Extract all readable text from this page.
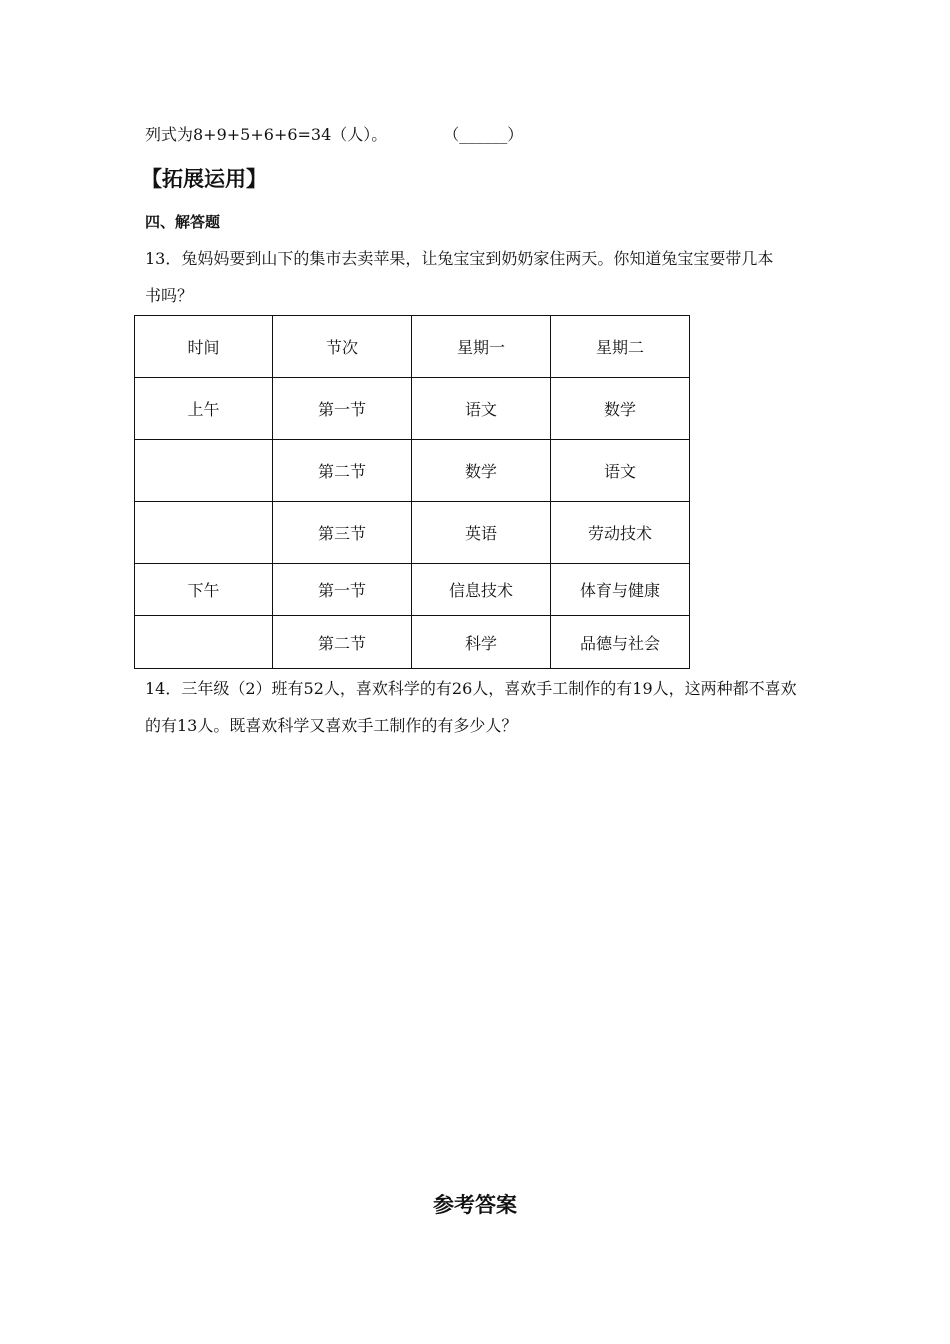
列式为8+9+5+6+6=34（人）。	（______）
【拓展运用】
四、解答题
13．兔妈妈要到山下的集市去卖苹果，让兔宝宝到奶奶家住两天。你知道兔宝宝要带几本
书吗？
时间	节次	星期一	星期二
上午	第一节	语文	数学
	第二节	数学	语文
	第三节	英语	劳动技术
下午	第一节	信息技术	体育与健康
	第二节	科学	品德与社会
14．三年级（2）班有52人，喜欢科学的有26人，喜欢手工制作的有19人，这两种都不喜欢
的有13人。既喜欢科学又喜欢手工制作的有多少人？
参考答案
